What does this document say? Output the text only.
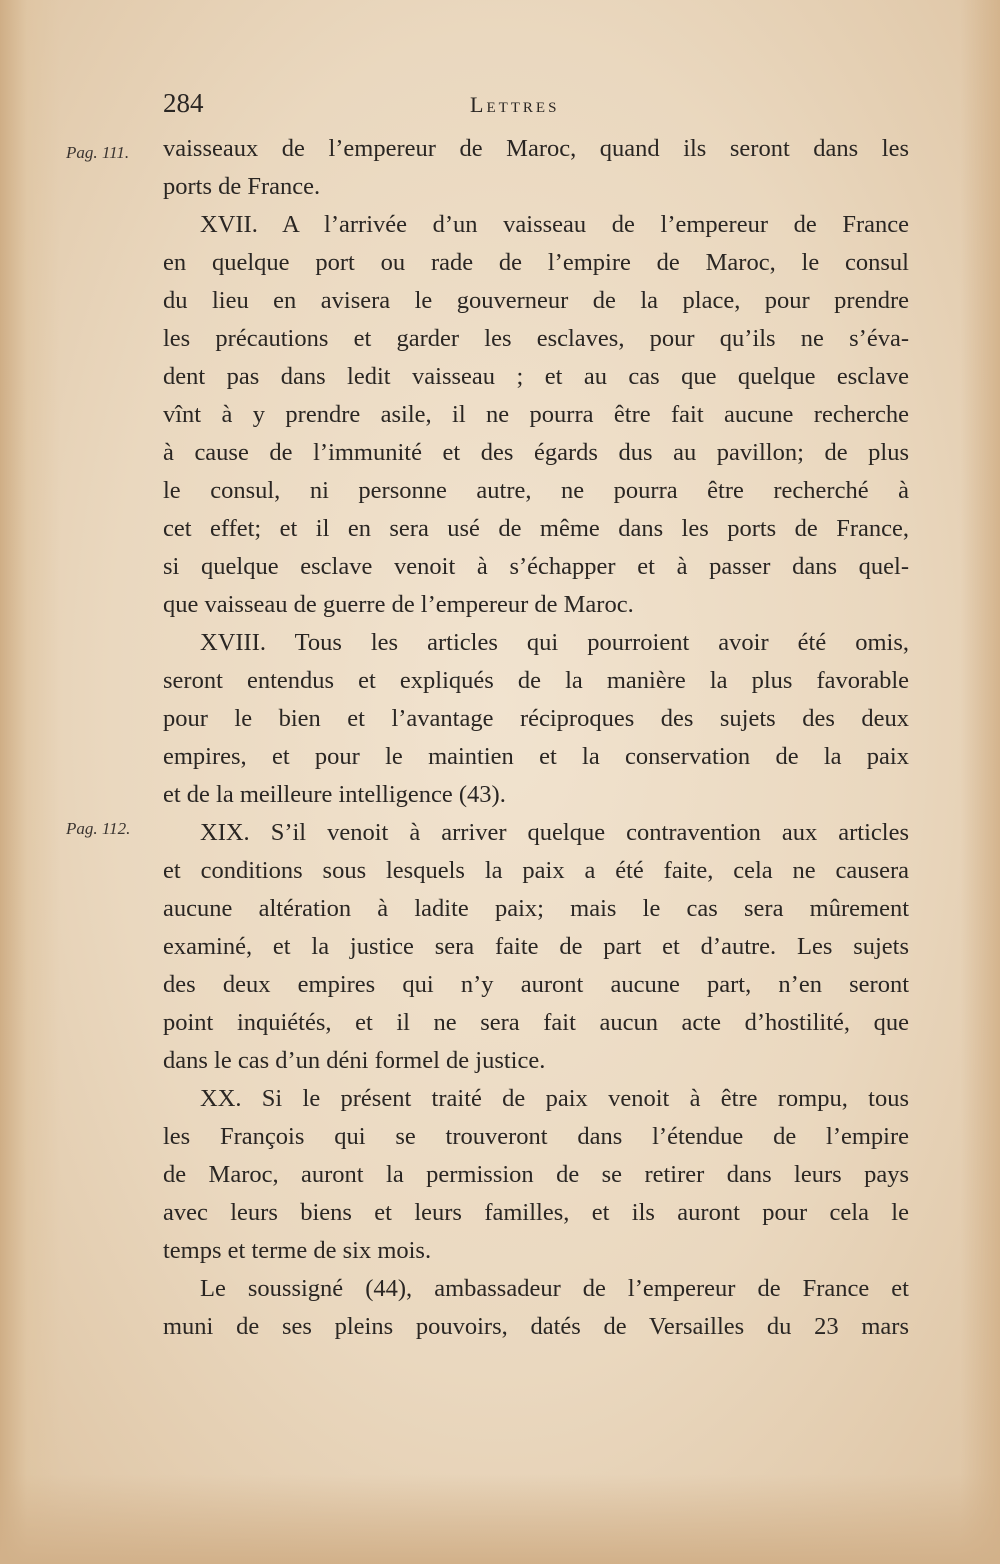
284	Lettres
Pag. 111.
Pag. 112.
vaisseaux de l’empereur de Maroc, quand ils seront dans les
ports de France.
XVII. A l’arrivée d’un vaisseau de l’empereur de France
en quelque port ou rade de l’empire de Maroc, le consul
du lieu en avisera le gouverneur de la place, pour prendre
les précautions et garder les esclaves, pour qu’ils ne s’éva-
dent pas dans ledit vaisseau ; et au cas que quelque esclave
vînt à y prendre asile, il ne pourra être fait aucune recherche
à cause de l’immunité et des égards dus au pavillon; de plus
le consul, ni personne autre, ne pourra être recherché à
cet effet; et il en sera usé de même dans les ports de France,
si quelque esclave venoit à s’échapper et à passer dans quel-
que vaisseau de guerre de l’empereur de Maroc.
XVIII. Tous les articles qui pourroient avoir été omis,
seront entendus et expliqués de la manière la plus favorable
pour le bien et l’avantage réciproques des sujets des deux
empires, et pour le maintien et la conservation de la paix
et de la meilleure intelligence (43).
XIX. S’il venoit à arriver quelque contravention aux articles
et conditions sous lesquels la paix a été faite, cela ne causera
aucune altération à ladite paix; mais le cas sera mûrement
examiné, et la justice sera faite de part et d’autre. Les sujets
des deux empires qui n’y auront aucune part, n’en seront
point inquiétés, et il ne sera fait aucun acte d’hostilité, que
dans le cas d’un déni formel de justice.
XX. Si le présent traité de paix venoit à être rompu, tous
les François qui se trouveront dans l’étendue de l’empire
de Maroc, auront la permission de se retirer dans leurs pays
avec leurs biens et leurs familles, et ils auront pour cela le
temps et terme de six mois.
Le soussigné (44), ambassadeur de l’empereur de France et
muni de ses pleins pouvoirs, datés de Versailles du 23 mars
